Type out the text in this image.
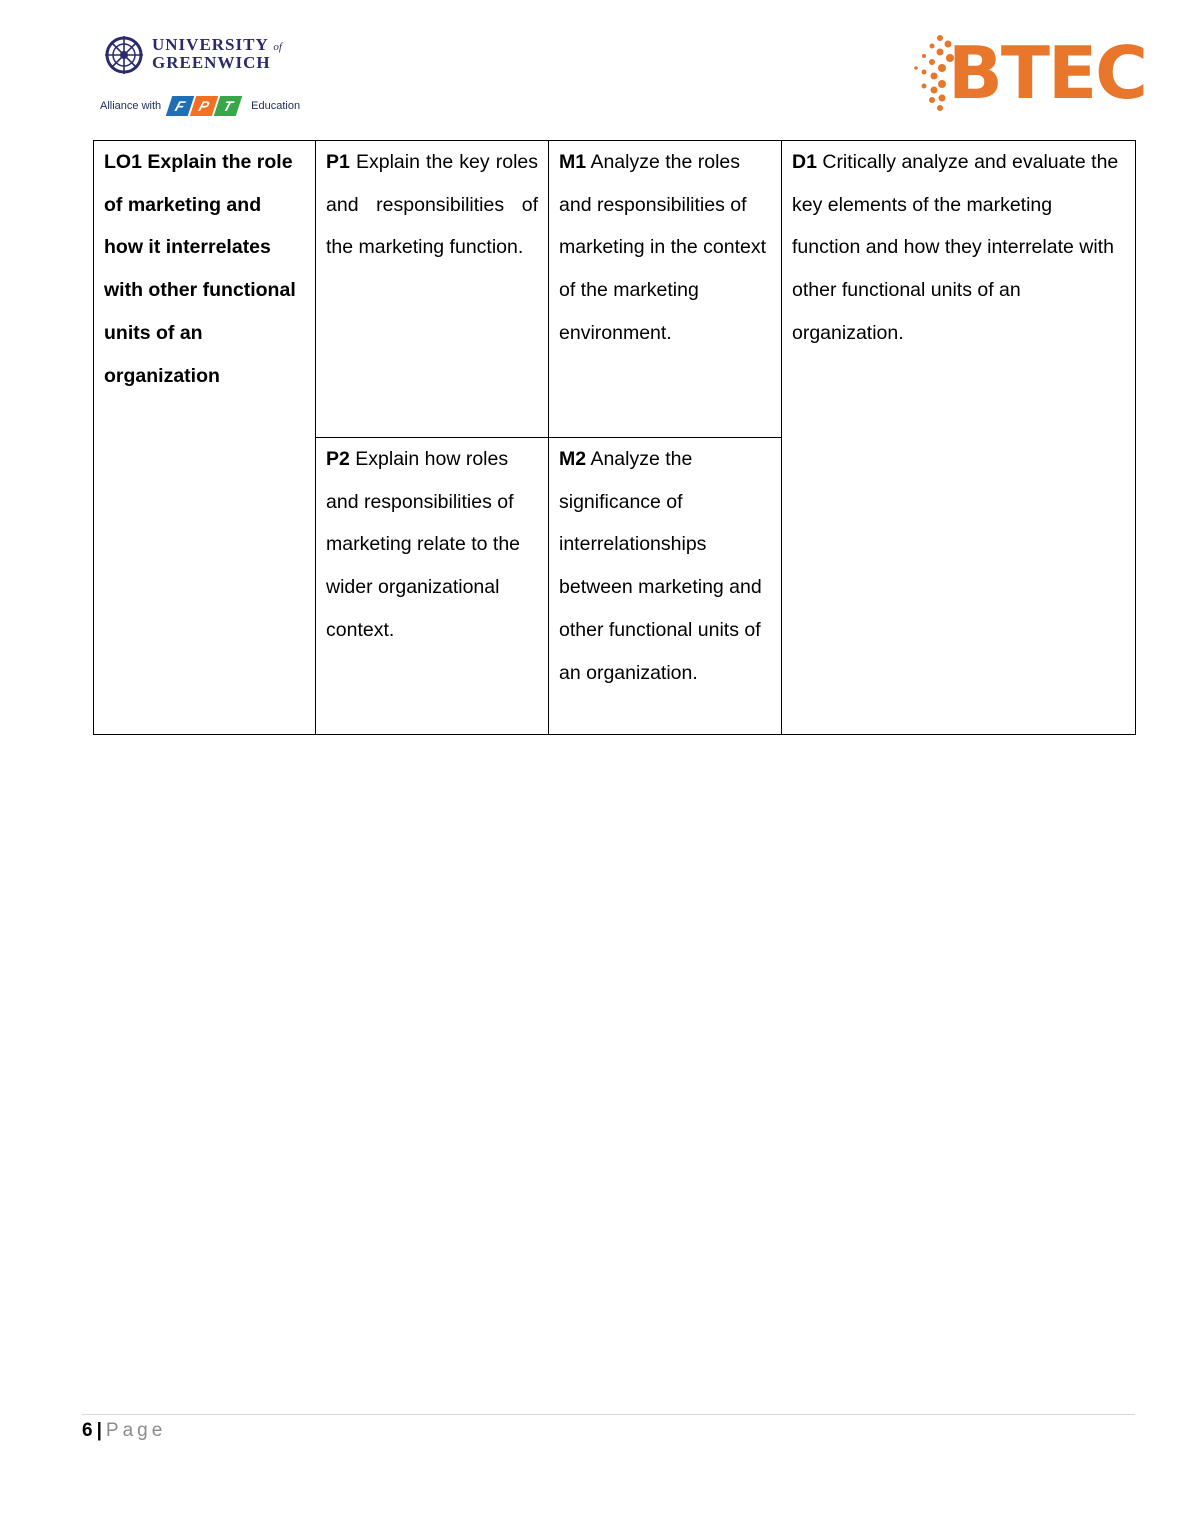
UNIVERSITY of
GREENWICH
Alliance with F P T	Education	BTEC
LO1 Explain the role of marketing and how it interrelates with other functional units of an organization	P1 Explain the key roles and responsibilities of the marketing function.	M1 Analyze the roles and responsibilities of marketing in the context of the marketing environment.	D1 Critically analyze and evaluate the key elements of the marketing function and how they interrelate with other functional units of an organization.
	P2 Explain how roles and responsibilities of marketing relate to the wider organizational context.	M2 Analyze the significance of interrelationships between marketing and other functional units of an organization.	
6 | Page
